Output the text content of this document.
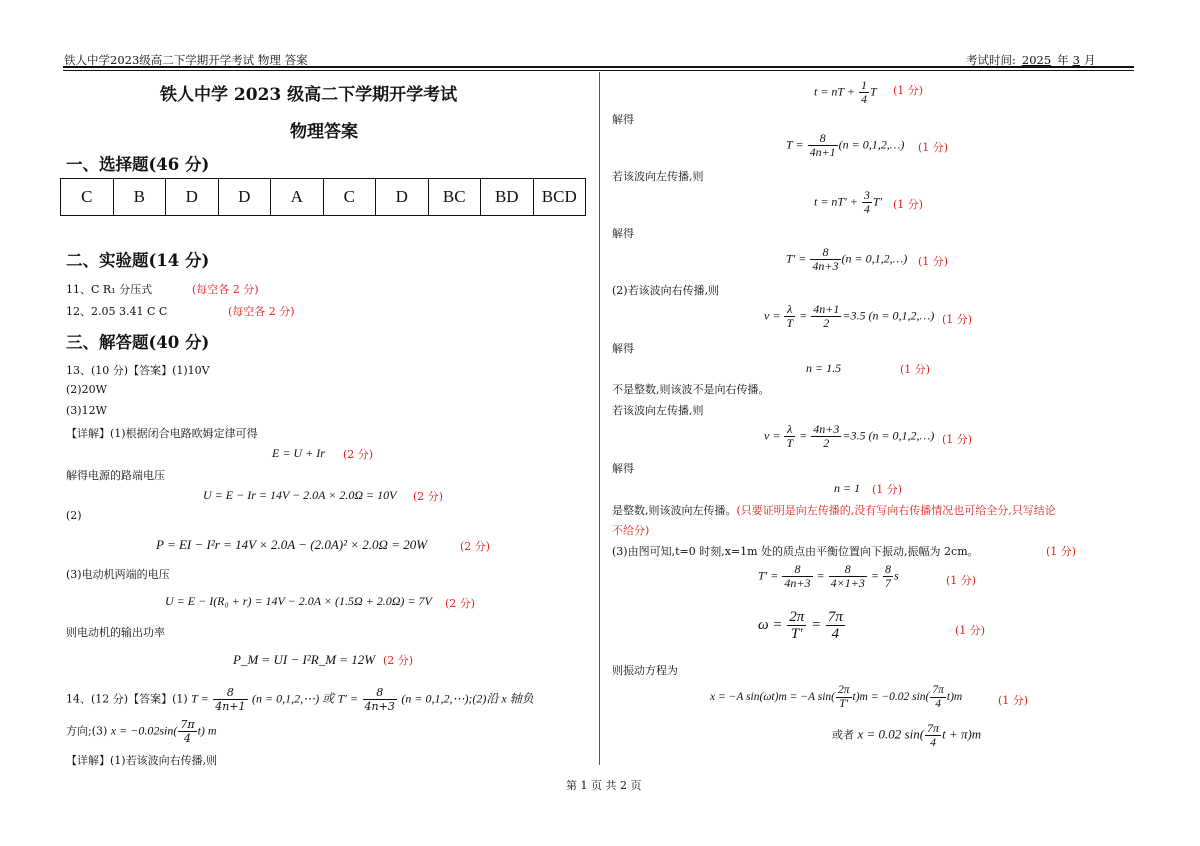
铁人中学2023级高二下学期开学考试 物理 答案	考试时间: 2025 年 3 月
铁人中学 2023 级高二下学期开学考试
物理答案
一、选择题(46 分)
C	B	D	D	A	C	D	BC	BD	BCD
二、实验题(14 分)
11、C R₁ 分压式	(每空各 2 分)
12、2.05 3.41 C C	(每空各 2 分)
三、解答题(40 分)
13、(10 分)【答案】(1)10V
(2)20W
(3)12W
【详解】(1)根据闭合电路欧姆定律可得
E = U + Ir (2 分)
解得电源的路端电压
U = E − Ir = 14V − 2.0A × 2.0Ω = 10V (2 分)
(2)
P = EI − I²r = 14V × 2.0A − (2.0A)² × 2.0Ω = 20W	(2 分)
(3)电动机两端的电压
U = E − I(R₀ + r) = 14V − 2.0A × (1.5Ω + 2.0Ω) = 7V (2 分)
则电动机的输出功率
P_M = UI − I²R_M = 12W (2 分)
14、(12 分)【答案】(1) $T = \frac{8}{4n+1} (n$ = 0,1,2,⋯) 或 $T' = \frac{8}{4n+3} (n$ = 0,1,2,⋯);(2)沿 x 轴负
方向;(3) $x = -0.02\sin( \frac{7\pi}{4} t)$ m
【详解】(1)若该波向右传播,则
t = nT + $\frac{1}{4}$ T (1 分)
解得
$T = \frac{8}{4n+1} (n$ = 0,1,2,…) (1 分)
若该波向左传播,则
$t = nT' + \frac{3}{4} T'$ (1 分)
解得
$T' = \frac{8}{4n+3} (n$ = 0,1,2,…) (1 分)
(2)若该波向右传播,则
$v = \frac{\lambda}{T} = \frac{4n+1}{2} =3.5$ (n = 0,1,2,…) (1 分)
解得
n = 1.5	(1 分)
不是整数,则该波不是向右传播。
若该波向左传播,则
$v = \frac{\lambda}{T} = \frac{4n+3}{2} =3.5$ (n = 0,1,2,…) (1 分)
解得
n = 1 (1 分)
是整数,则该波向左传播。(只要证明是向左传播的,没有写向右传播情况也可给全分,只写结论
不给分)
(3)由图可知,t=0 时刻,x=1m 处的质点由平衡位置向下振动,振幅为 2cm。	(1 分)
$T' = \frac{8}{4n+3} = \frac{8}{4\times 1+3} = \frac{8}{7}$ s	(1 分)
$\omega = \frac{2\pi}{T'} = \frac{7\pi}{4}$	(1 分)
则振动方程为
x = −A sin(ωt)m = −A $\sin( \frac{2\pi}{T'} t)m = -0.02$ $\sin( \frac{7\pi}{4} t)m$	(1 分)
或者 x = 0.02 $\sin( \frac{7\pi}{4}$ t + π)m
第 1 页 共 2 页
